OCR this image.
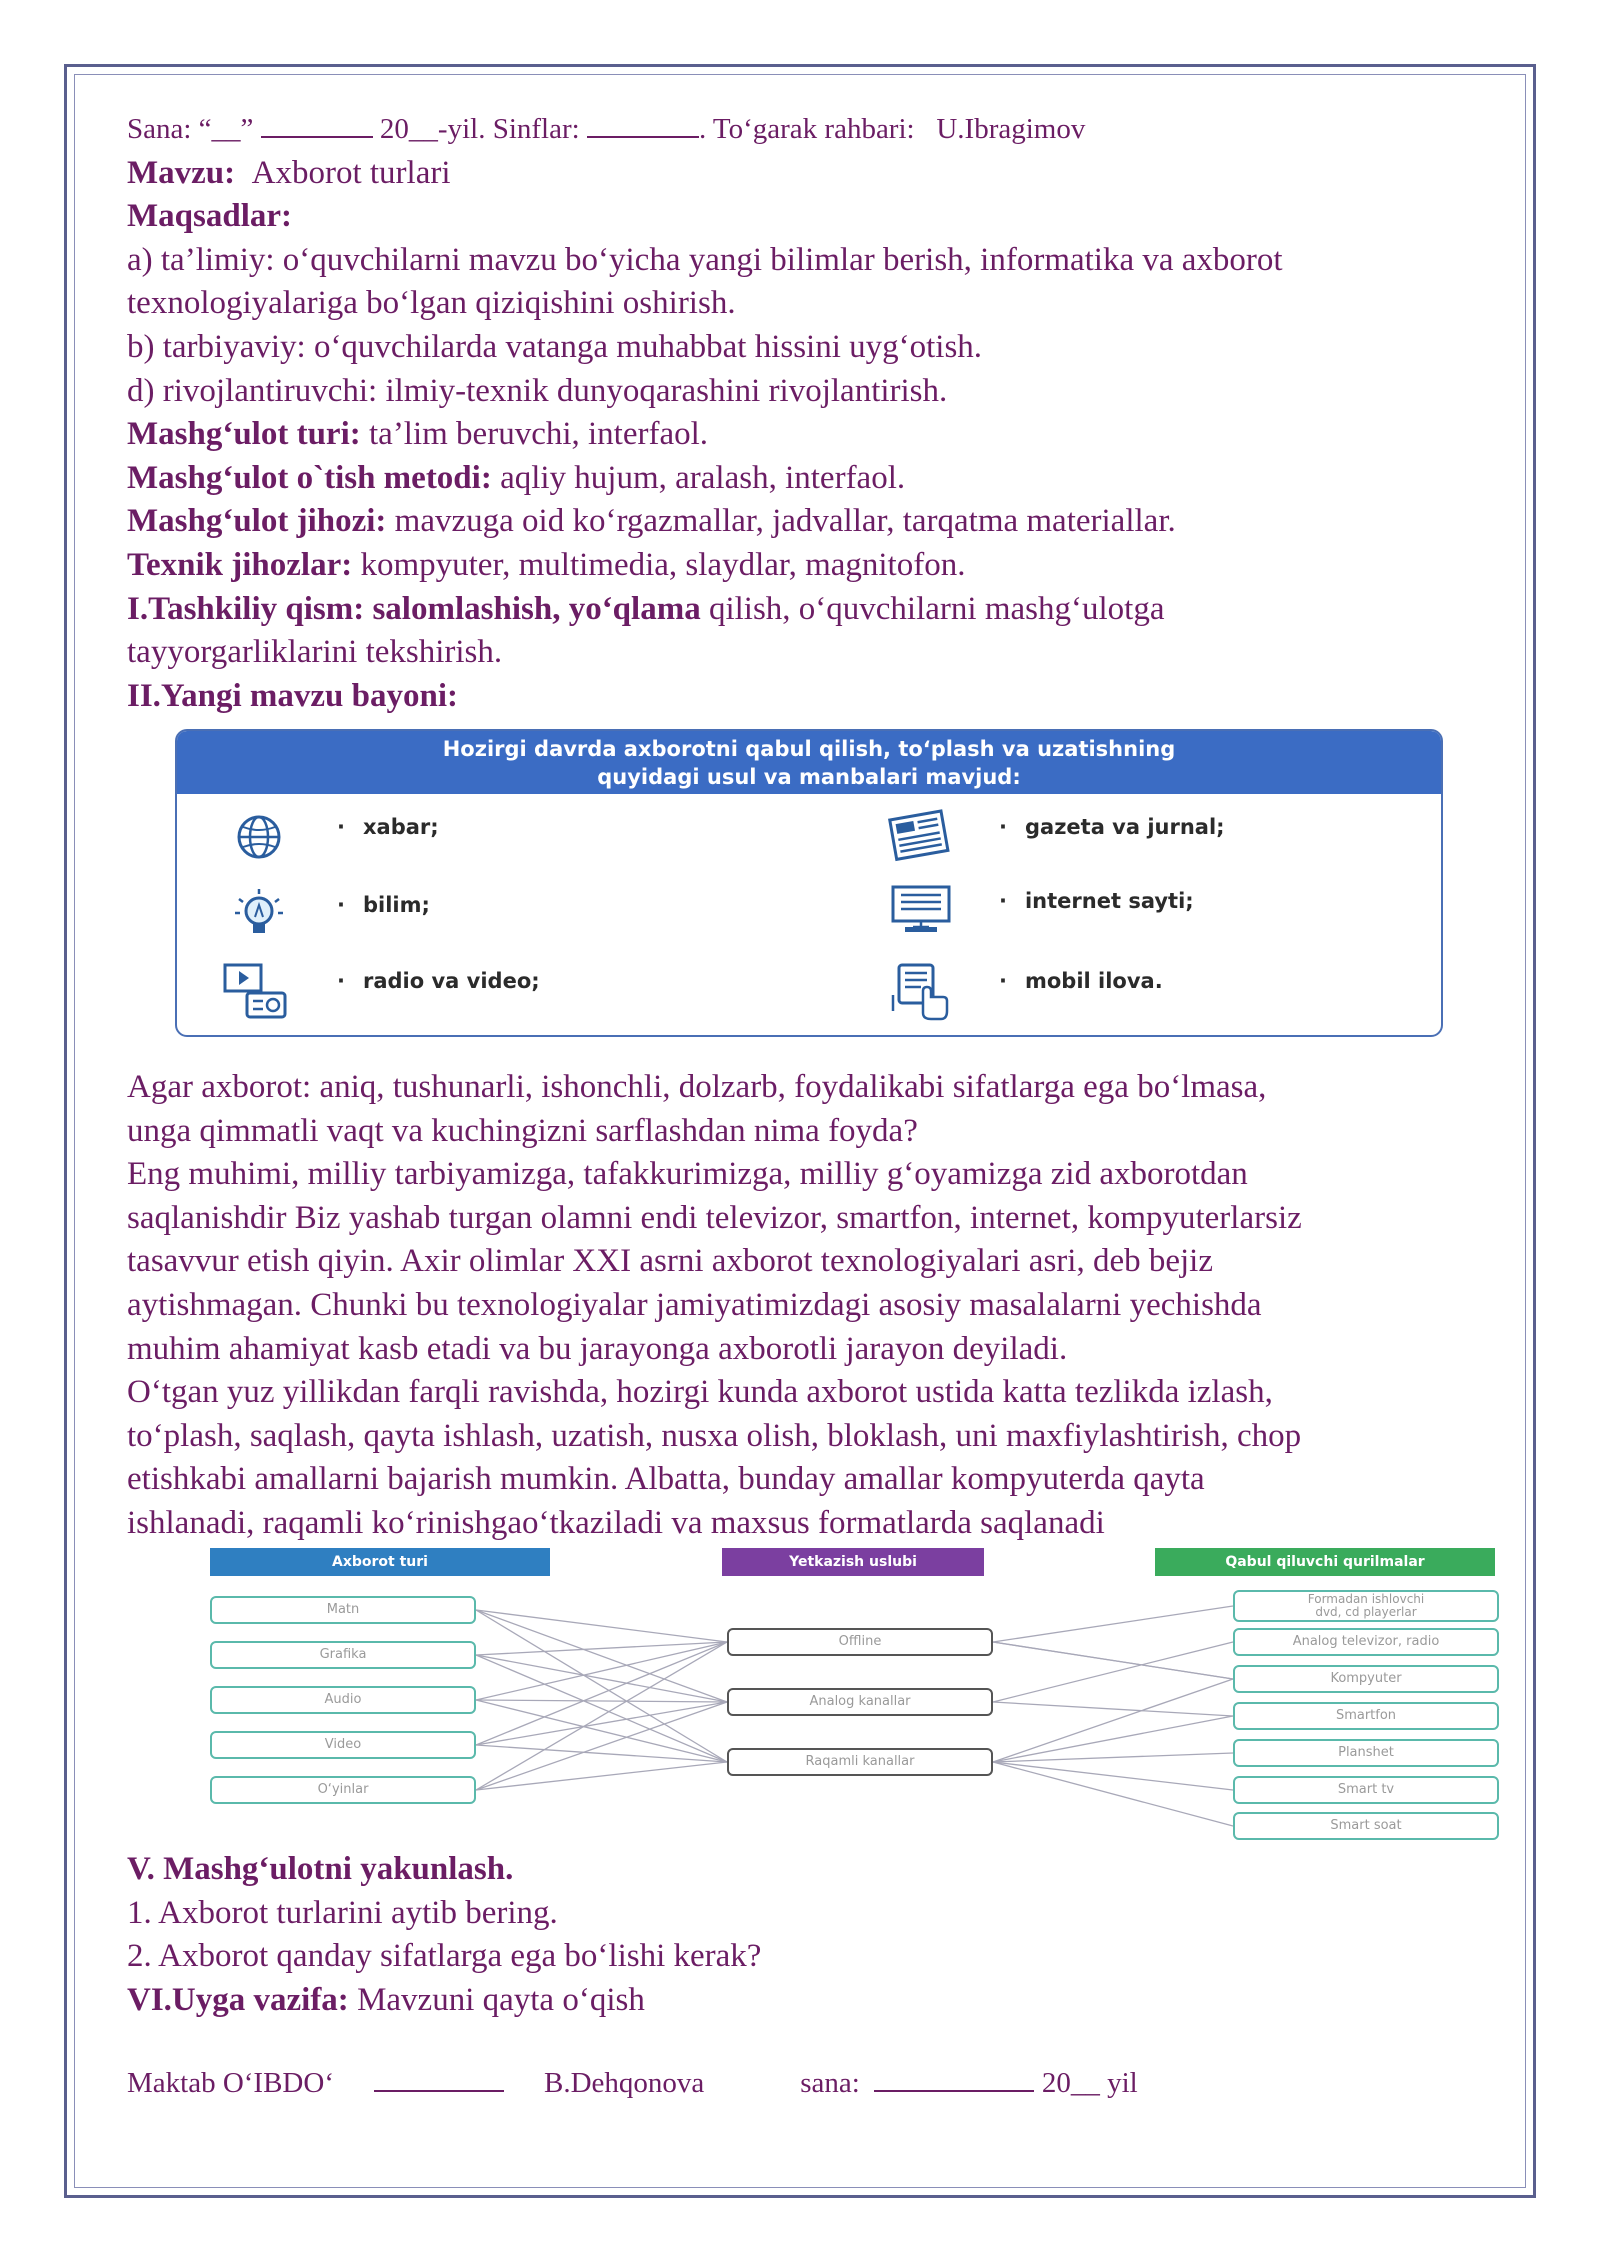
Sana: “__”	20__-yil. Sinflar:	. To‘garak rahbari: U.Ibragimov
Mavzu: Axborot turlari
Maqsadlar:
a) ta’limiy: o‘quvchilarni mavzu bo‘yicha yangi bilimlar berish, informatika va axborot
texnologiyalariga bo‘lgan qiziqishini oshirish.
b) tarbiyaviy: o‘quvchilarda vatanga muhabbat hissini uyg‘otish.
d) rivojlantiruvchi: ilmiy-texnik dunyoqarashini rivojlantirish.
Mashg‘ulot turi: ta’lim beruvchi, interfaol.
Mashg‘ulot o`tish metodi: aqliy hujum, aralash, interfaol.
Mashg‘ulot jihozi: mavzuga oid ko‘rgazmallar, jadvallar, tarqatma materiallar.
Texnik jihozlar: kompyuter, multimedia, slaydlar, magnitofon.
I.Tashkiliy qism: salomlashish, yo‘qlama qilish, o‘quvchilarni mashg‘ulotga
tayyorgarliklarini tekshirish.
II.Yangi mavzu bayoni:
Hozirgi davrda axborotni qabul qilish, to‘plash va uzatishning
quyidagi usul va manbalari mavjud:
· xabar;
· bilim;
· radio va video;
· gazeta va jurnal;
· internet sayti;
· mobil ilova.
Agar axborot: aniq, tushunarli, ishonchli, dolzarb, foydalikabi sifatlarga ega bo‘lmasa,
unga qimmatli vaqt va kuchingizni sarflashdan nima foyda?
Eng muhimi, milliy tarbiyamizga, tafakkurimizga, milliy g‘oyamizga zid axborotdan
saqlanishdir Biz yashab turgan olamni endi televizor, smartfon, internet, kompyuterlarsiz
tasavvur etish qiyin. Axir olimlar XXI asrni axborot texnologiyalari asri, deb bejiz
aytishmagan. Chunki bu texnologiyalar jamiyatimizdagi asosiy masalalarni yechishda
muhim ahamiyat kasb etadi va bu jarayonga axborotli jarayon deyiladi.
O‘tgan yuz yillikdan farqli ravishda, hozirgi kunda axborot ustida katta tezlikda izlash,
to‘plash, saqlash, qayta ishlash, uzatish, nusxa olish, bloklash, uni maxfiylashtirish, chop
etishkabi amallarni bajarish mumkin. Albatta, bunday amallar kompyuterda qayta
ishlanadi, raqamli ko‘rinishgao‘tkaziladi va maxsus formatlarda saqlanadi
Axborot turi	Yetkazish uslubi	Qabul qiluvchi qurilmalar
Matn
Grafika
Audio
Video
O‘yinlar
Offline
Analog kanallar
Raqamli kanallar
Formadan ishlovchi
dvd, cd playerlar
Analog televizor, radio
Kompyuter
Smartfon
Planshet
Smart tv
Smart soat
V. Mashg‘ulotni yakunlash.
1. Axborot turlarini aytib bering.
2. Axborot qanday sifatlarga ega bo‘lishi kerak?
VI.Uyga vazifa: Mavzuni qayta o‘qish
Maktab O‘IBDO‘	B.Dehqonova	sana:	20__ yil
